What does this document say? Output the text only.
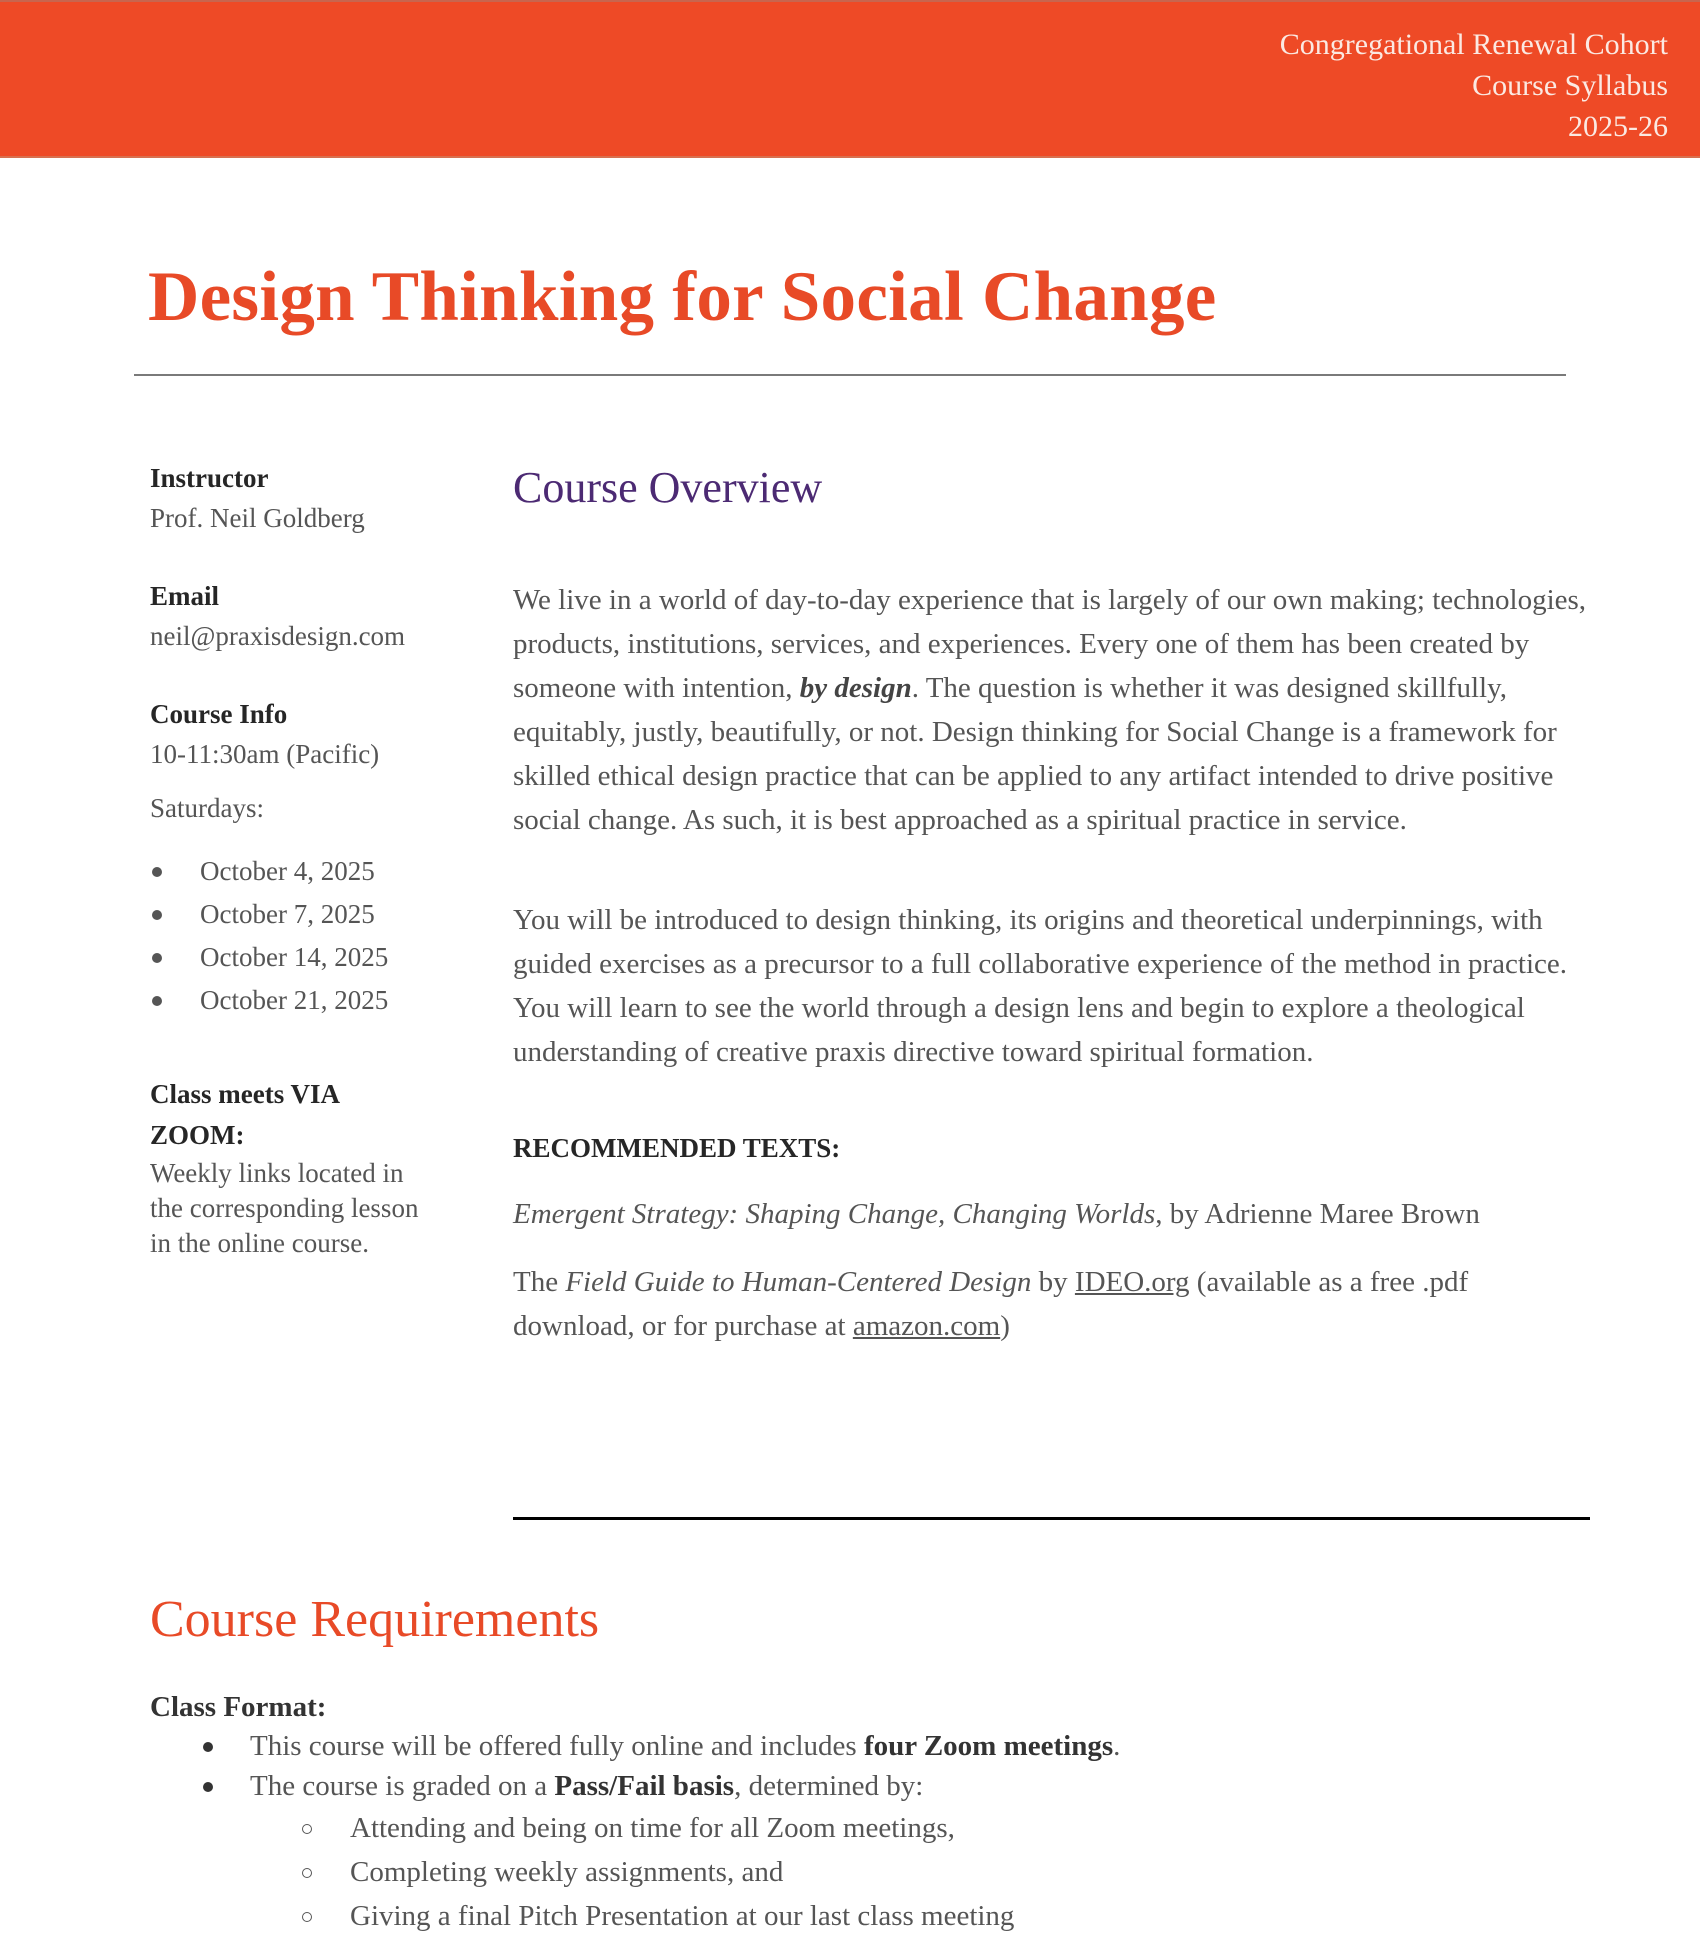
Congregational Renewal Cohort
Course Syllabus
2025-26
Design Thinking for Social Change
Instructor
Prof. Neil Goldberg
Email
neil@praxisdesign.com
Course Info
10-11:30am (Pacific)
Saturdays:
October 4, 2025
October 7, 2025
October 14, 2025
October 21, 2025
Class meets VIA
ZOOM:
Weekly links located in
the corresponding lesson
in the online course.
Course Overview

We live in a world of day-to-day experience that is largely of our own making; technologies, products, institutions, services, and experiences. Every one of them has been created by someone with intention, by design. The question is whether it was designed skillfully, equitably, justly, beautifully, or not. Design thinking for Social Change is a framework for skilled ethical design practice that can be applied to any artifact intended to drive positive social change. As such, it is best approached as a spiritual practice in service.

You will be introduced to design thinking, its origins and theoretical underpinnings, with guided exercises as a precursor to a full collaborative experience of the method in practice. You will learn to see the world through a design lens and begin to explore a theological understanding of creative praxis directive toward spiritual formation.

RECOMMENDED TEXTS:
Emergent Strategy: Shaping Change, Changing Worlds, by Adrienne Maree Brown
The Field Guide to Human-Centered Design by IDEO.org (available as a free .pdf download, or for purchase at amazon.com)
Course Requirements
Class Format:
This course will be offered fully online and includes four Zoom meetings.
The course is graded on a Pass/Fail basis, determined by:
Attending and being on time for all Zoom meetings,
Completing weekly assignments, and
Giving a final Pitch Presentation at our last class meeting
